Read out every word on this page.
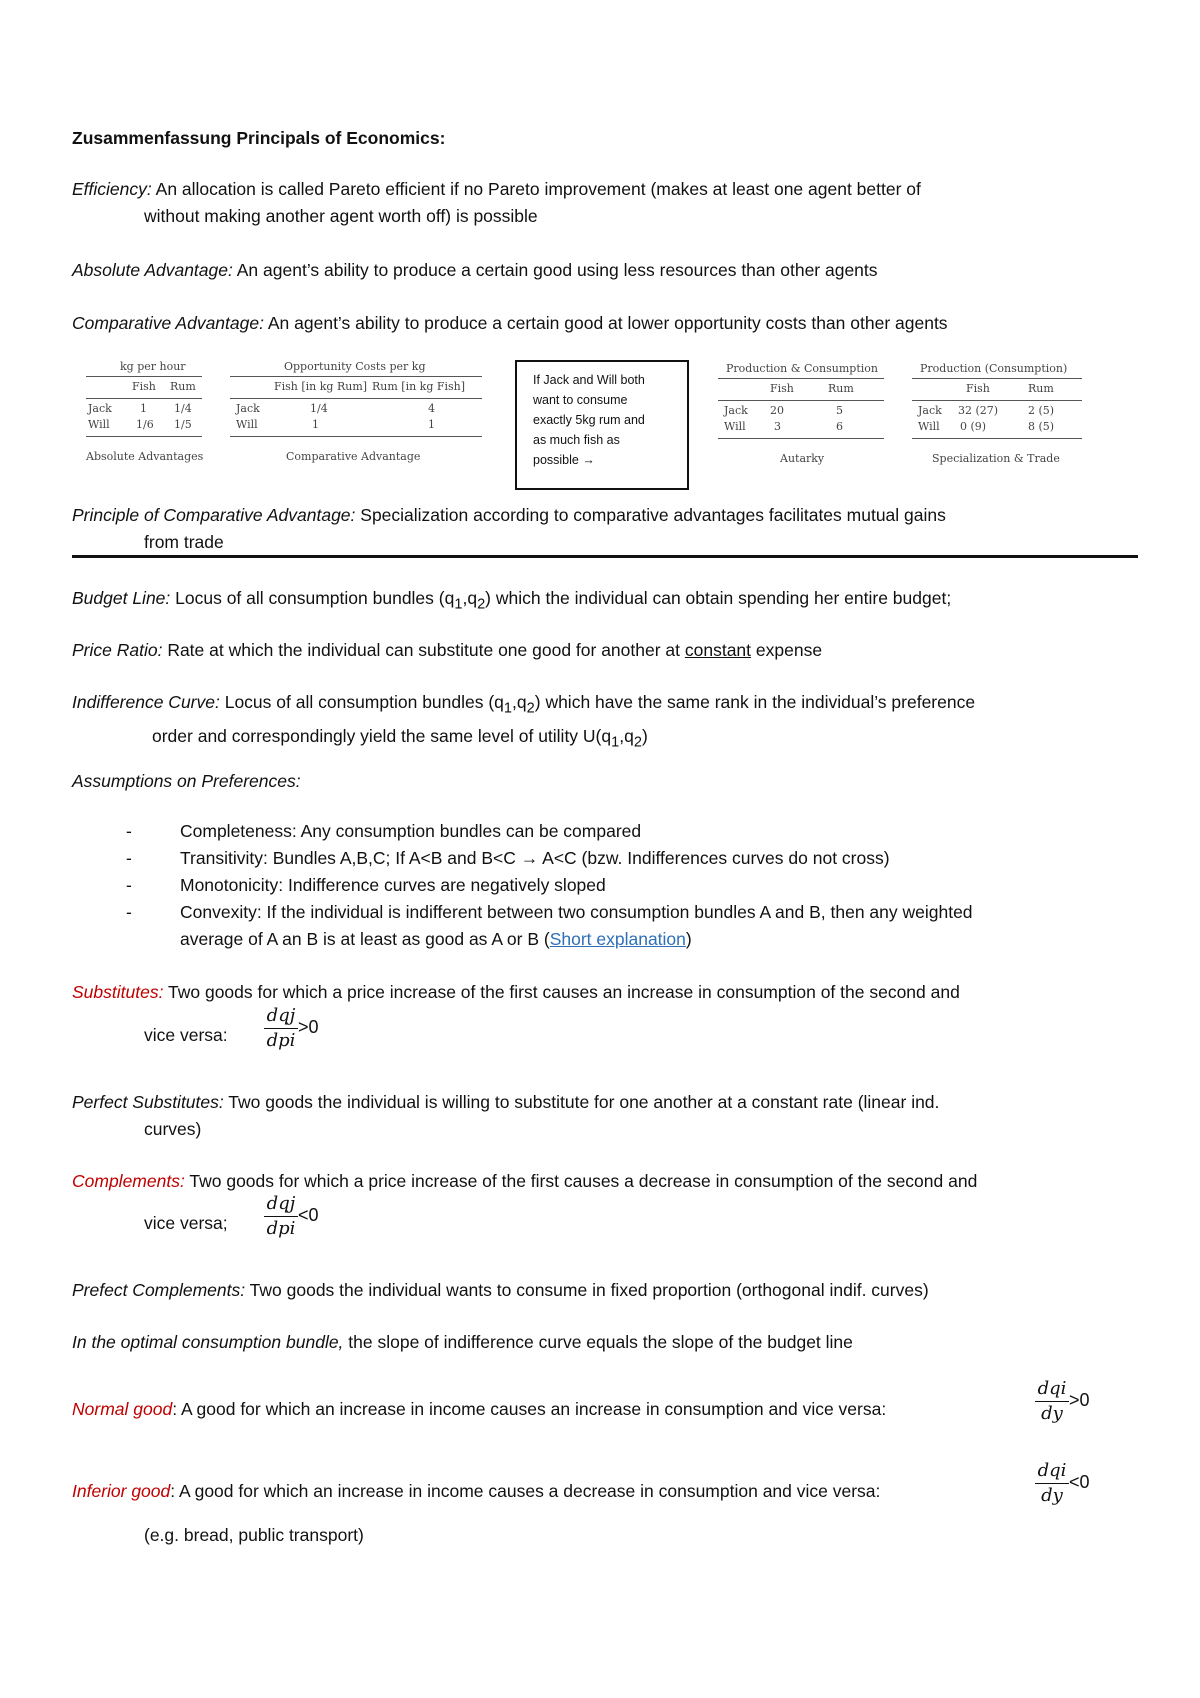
Zusammenfassung Principals of Economics:
Efficiency: An allocation is called Pareto efficient if no Pareto improvement (makes at least one agent better of
without making another agent worth off) is possible
Absolute Advantage: An agent’s ability to produce a certain good using less resources than other agents
Comparative Advantage: An agent’s ability to produce a certain good at lower opportunity costs than other agents
kg per hour
Fish Rum
Jack	1 1/4
Will 1/6 1/5
Absolute Advantages
Opportunity Costs per kg
Fish [in kg Rum] Rum [in kg Fish]
Jack	1/4	4
Will	1	1
Comparative Advantage
If Jack and Will both
want to consume
exactly 5kg rum and
as much fish as
possible →
Production & Consumption
Fish	Rum
Jack 20	5
Will	3	6
Autarky
Production (Consumption)
Fish	Rum
Jack 32 (27)	2 (5)
Will 0 (9)	8 (5)
Specialization & Trade
Principle of Comparative Advantage: Specialization according to comparative advantages facilitates mutual gains
from trade
Budget Line: Locus of all consumption bundles $(q_1,q_2)$ which the individual can obtain spending her entire budget;
Price Ratio: Rate at which the individual can substitute one good for another at constant expense
Indifference Curve: Locus of all consumption bundles $(q_1,q_2)$ which have the same rank in the individual’s preference
order and correspondingly yield the same level of utility $U(q_1,q_2)$
Assumptions on Preferences:
-	Completeness: Any consumption bundles can be compared
-	Transitivity: Bundles A,B,C; If A<B and B<C → A<C (bzw. Indifferences curves do not cross)
-	Monotonicity: Indifference curves are negatively sloped
-	Convexity: If the individual is indifferent between two consumption bundles A and B, then any weighted
average of A an B is at least as good as A or B (Short explanation)
Substitutes: Two goods for which a price increase of the first causes an increase in consumption of the second and
vice versa:
dqj
dpi
>0
Perfect Substitutes: Two goods the individual is willing to substitute for one another at a constant rate (linear ind.
curves)
Complements: Two goods for which a price increase of the first causes a decrease in consumption of the second and
vice versa;
dqj
dpi
<0
Prefect Complements: Two goods the individual wants to consume in fixed proportion (orthogonal indif. curves)
In the optimal consumption bundle, the slope of indifference curve equals the slope of the budget line
Normal good: A good for which an increase in income causes an increase in consumption and vice versa:
dqi
dy
>0
Inferior good: A good for which an increase in income causes a decrease in consumption and vice versa:
dqi
dy
<0
(e.g. bread, public transport)
